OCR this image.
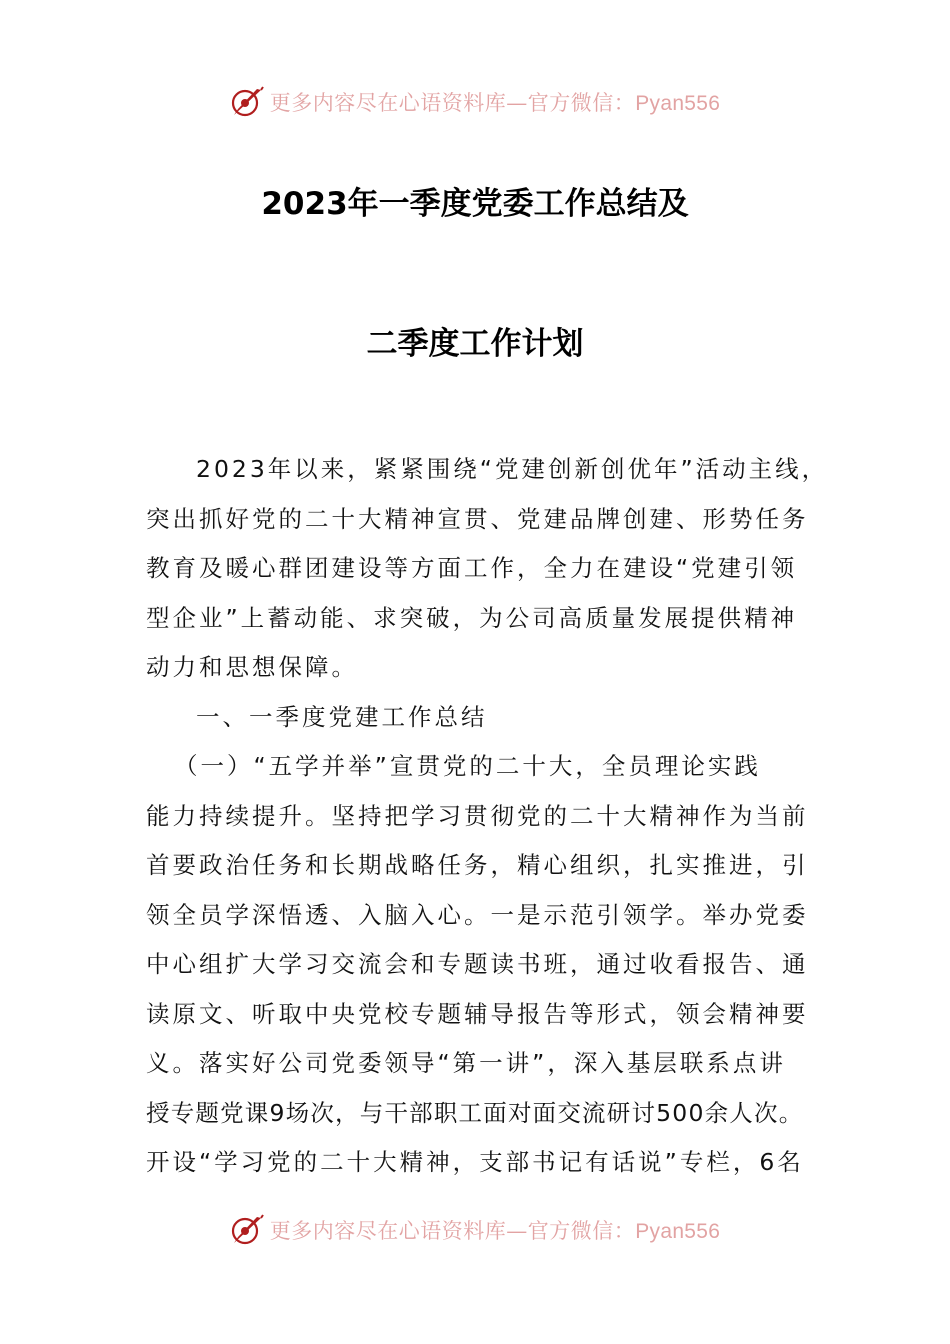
更多内容尽在心语资料库—官方微信：Pyan556
2023年一季度党委工作总结及
二季度工作计划
2023年以来，紧紧围绕“党建创新创优年”活动主线，
突出抓好党的二十大精神宣贯、党建品牌创建、形势任务
教育及暖心群团建设等方面工作，全力在建设“党建引领
型企业”上蓄动能、求突破，为公司高质量发展提供精神
动力和思想保障。
一、一季度党建工作总结
（一）“五学并举”宣贯党的二十大，全员理论实践
能力持续提升。坚持把学习贯彻党的二十大精神作为当前
首要政治任务和长期战略任务，精心组织，扎实推进，引
领全员学深悟透、入脑入心。一是示范引领学。举办党委
中心组扩大学习交流会和专题读书班，通过收看报告、通
读原文、听取中央党校专题辅导报告等形式，领会精神要
义。落实好公司党委领导“第一讲”，深入基层联系点讲
授专题党课9场次，与干部职工面对面交流研讨500余人次。
开设“学习党的二十大精神，支部书记有话说”专栏，6名
更多内容尽在心语资料库—官方微信：Pyan556
